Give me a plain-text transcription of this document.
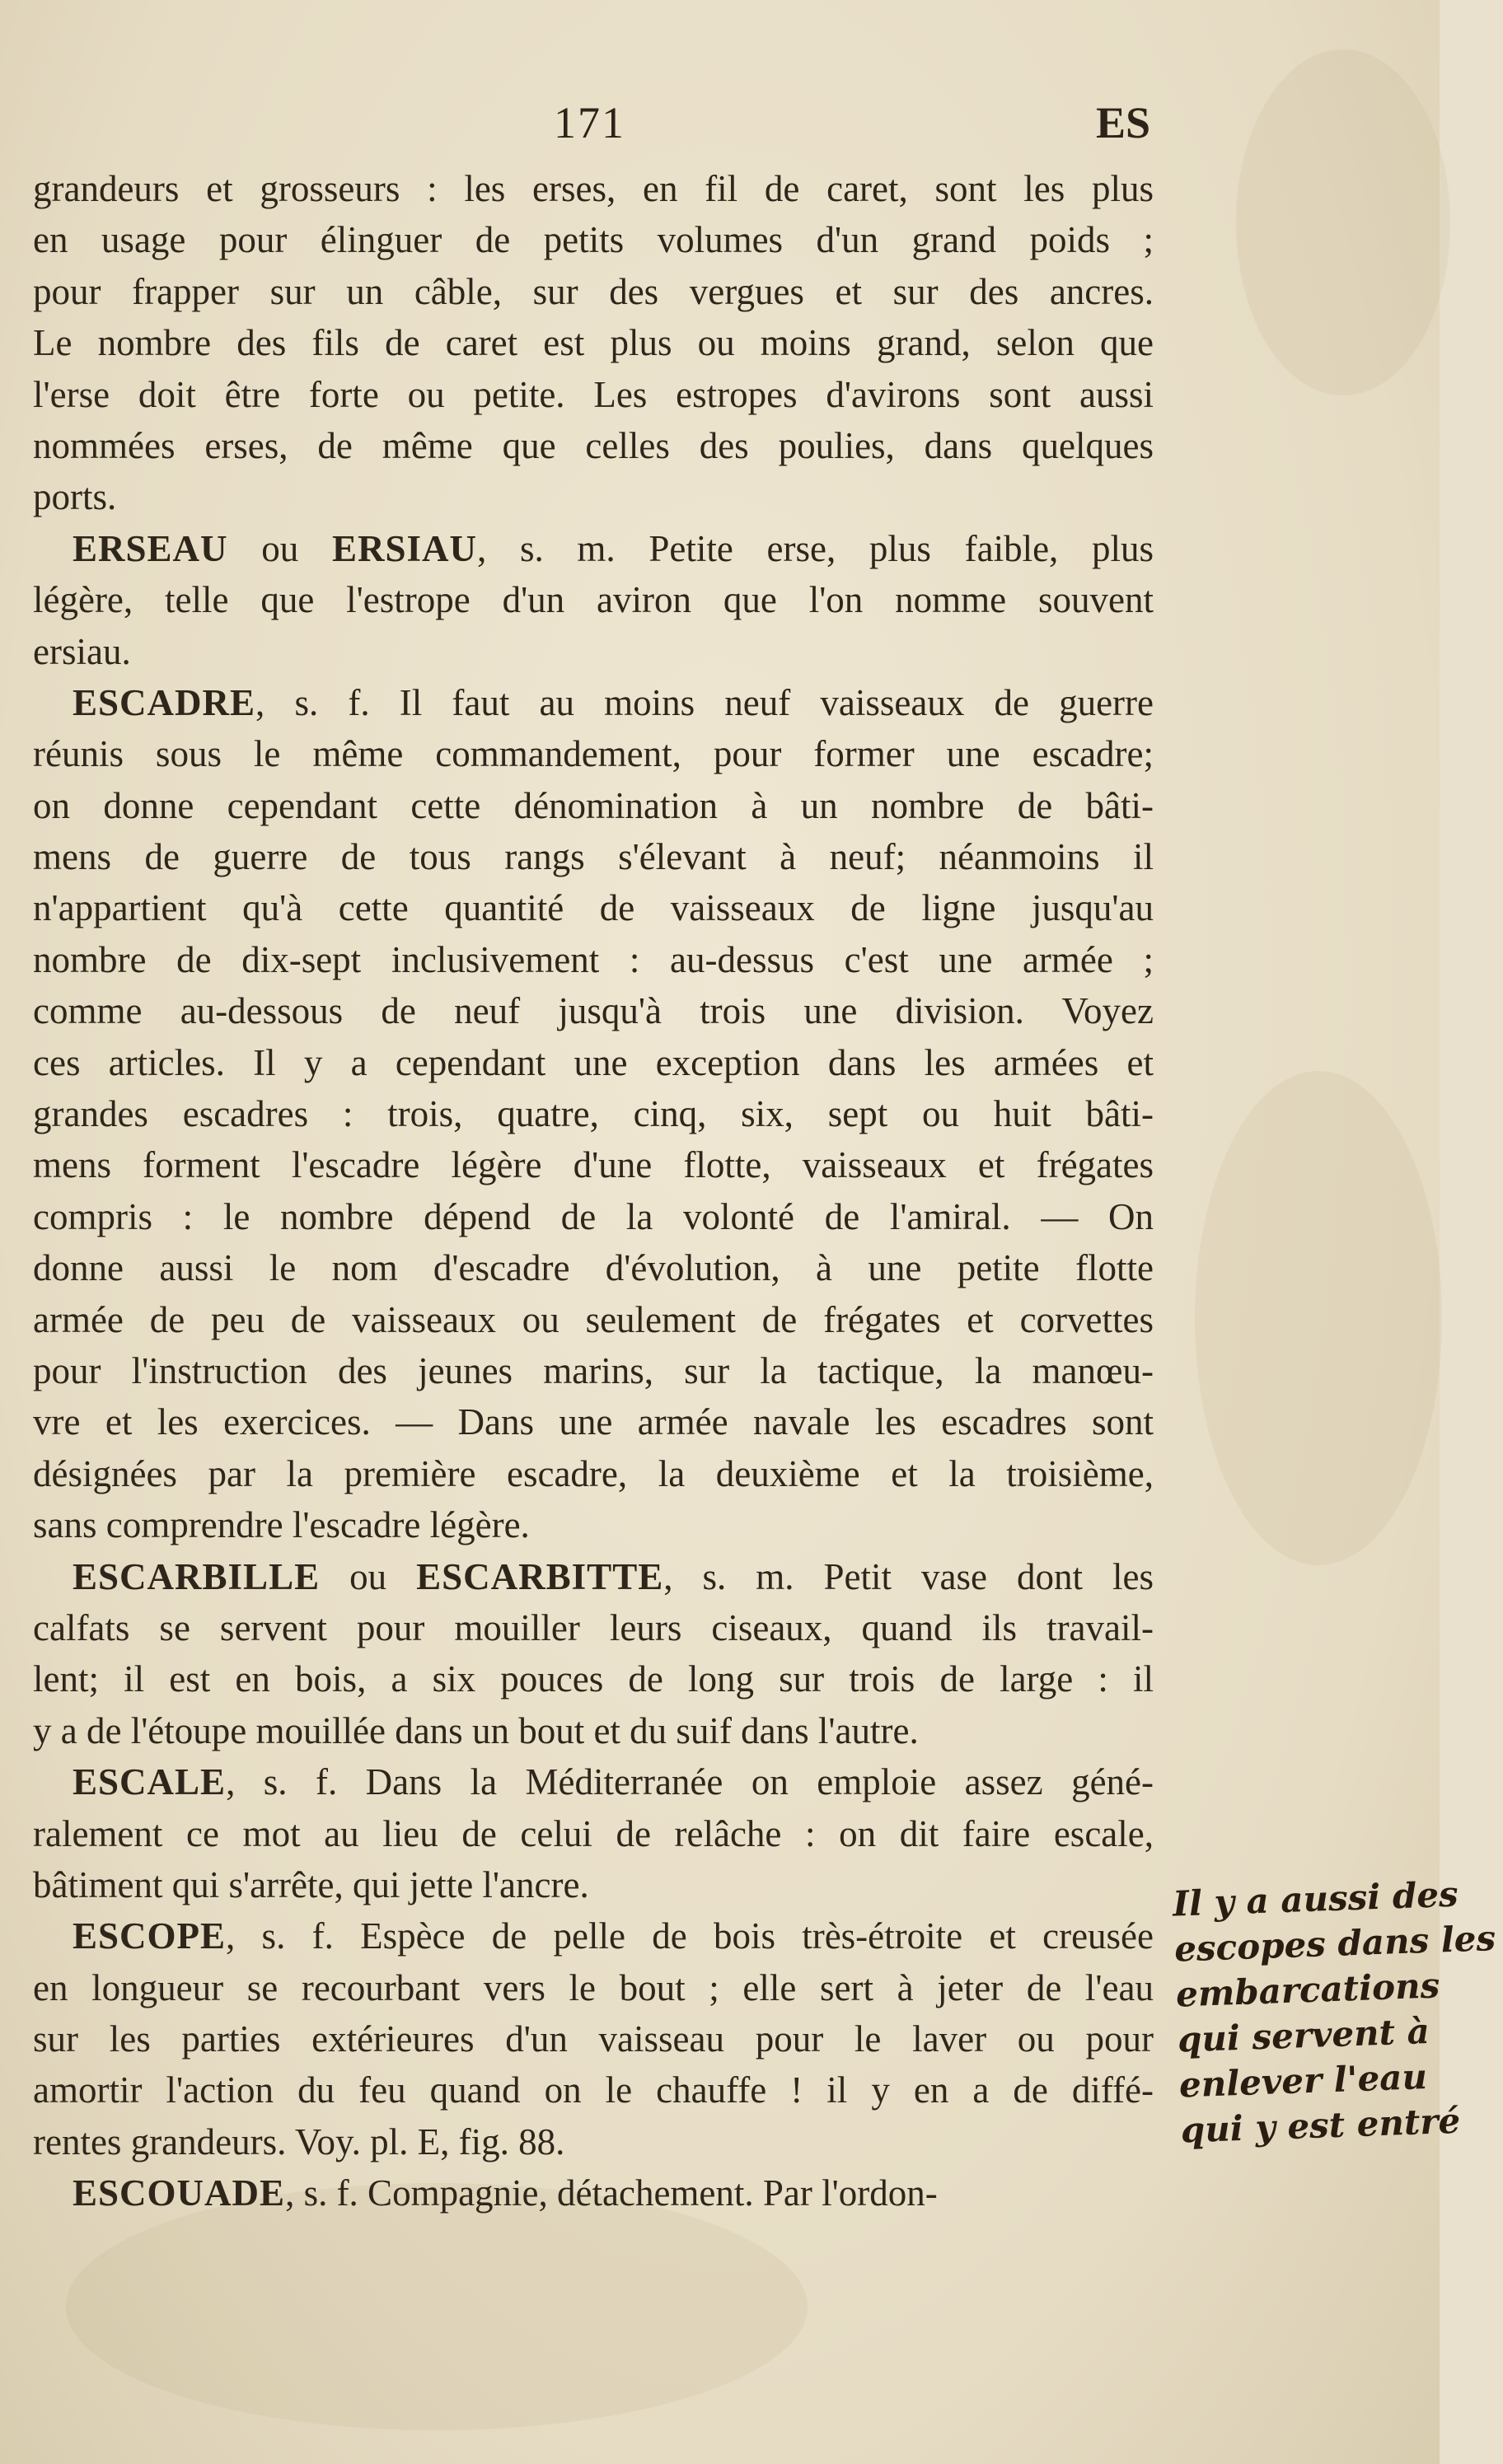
171	ES
grandeurs et grosseurs : les erses, en fil de caret, sont les plus
en usage pour élinguer de petits volumes d'un grand poids ;
pour frapper sur un câble, sur des vergues et sur des ancres.
Le nombre des fils de caret est plus ou moins grand, selon que
l'erse doit être forte ou petite. Les estropes d'avirons sont aussi
nommées erses, de même que celles des poulies, dans quelques
ports.
ERSEAU ou ERSIAU, s. m. Petite erse, plus faible, plus
légère, telle que l'estrope d'un aviron que l'on nomme souvent
ersiau.
ESCADRE, s. f. Il faut au moins neuf vaisseaux de guerre
réunis sous le même commandement, pour former une escadre;
on donne cependant cette dénomination à un nombre de bâti-
mens de guerre de tous rangs s'élevant à neuf; néanmoins il
n'appartient qu'à cette quantité de vaisseaux de ligne jusqu'au
nombre de dix-sept inclusivement : au-dessus c'est une armée ;
comme au-dessous de neuf jusqu'à trois une division. Voyez
ces articles. Il y a cependant une exception dans les armées et
grandes escadres : trois, quatre, cinq, six, sept ou huit bâti-
mens forment l'escadre légère d'une flotte, vaisseaux et frégates
compris : le nombre dépend de la volonté de l'amiral. — On
donne aussi le nom d'escadre d'évolution, à une petite flotte
armée de peu de vaisseaux ou seulement de frégates et corvettes
pour l'instruction des jeunes marins, sur la tactique, la manœu-
vre et les exercices. — Dans une armée navale les escadres sont
désignées par la première escadre, la deuxième et la troisième,
sans comprendre l'escadre légère.
ESCARBILLE ou ESCARBITTE, s. m. Petit vase dont les
calfats se servent pour mouiller leurs ciseaux, quand ils travail-
lent; il est en bois, a six pouces de long sur trois de large : il
y a de l'étoupe mouillée dans un bout et du suif dans l'autre.
ESCALE, s. f. Dans la Méditerranée on emploie assez géné-
ralement ce mot au lieu de celui de relâche : on dit faire escale,
bâtiment qui s'arrête, qui jette l'ancre.
ESCOPE, s. f. Espèce de pelle de bois très-étroite et creusée
en longueur se recourbant vers le bout ; elle sert à jeter de l'eau
sur les parties extérieures d'un vaisseau pour le laver ou pour
amortir l'action du feu quand on le chauffe ! il y en a de diffé-
rentes grandeurs. Voy. pl. E, fig. 88.
ESCOUADE, s. f. Compagnie, détachement. Par l'ordon-
Il y a aussi des
escopes dans les
embarcations
qui servent à
enlever l'eau
qui y est entré
